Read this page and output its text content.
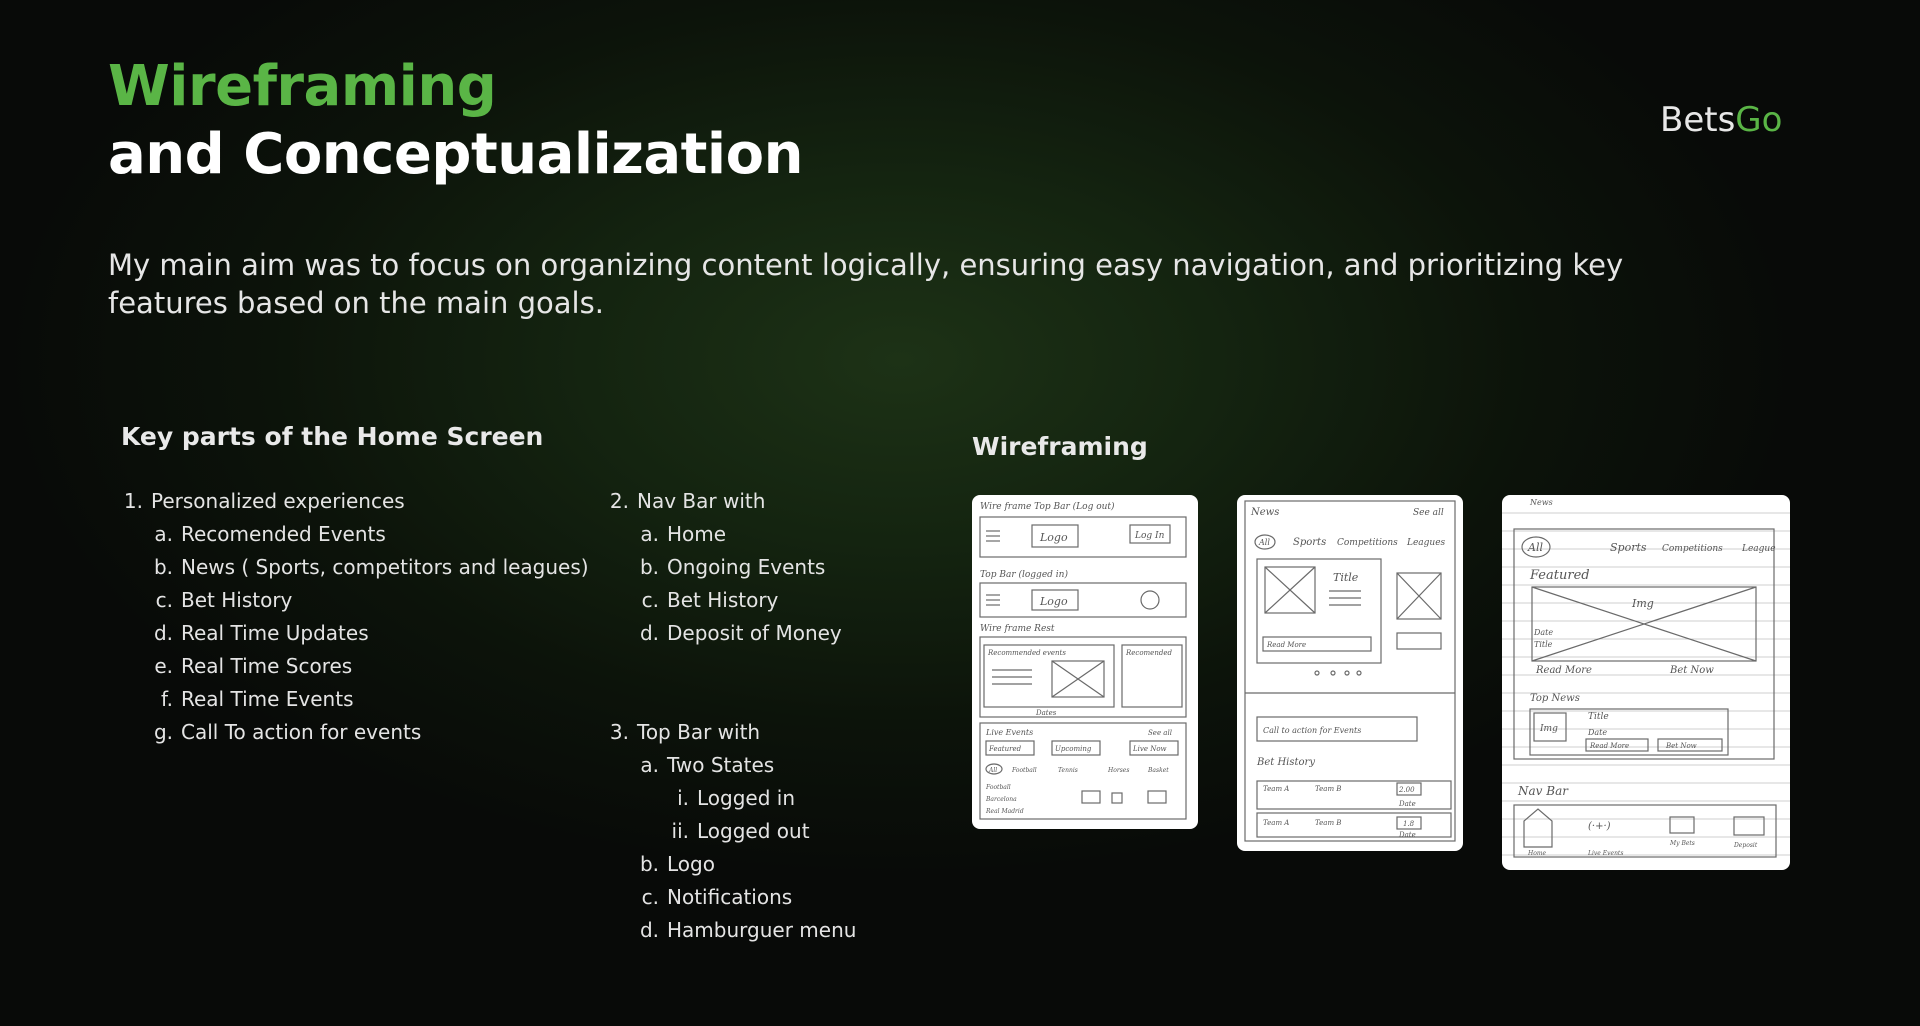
Wireframing
and Conceptualization
BetsGo

My main aim was to focus on organizing content logically, ensuring easy navigation, and prioritizing key features based on the main goals.

Key parts of the Home Screen
1. Personalized experiences
a. Recomended Events
b. News ( Sports, competitors and leagues)
c. Bet History
d. Real Time Updates
e. Real Time Scores
f. Real Time Events
g. Call To action for events
2. Nav Bar with
a. Home
b. Ongoing Events
c. Bet History
d. Deposit of Money
3. Top Bar with
a. Two States
i. Logged in
ii. Logged out
b. Logo
c. Notifications
d. Hamburguer menu
Wireframing
Wire frame Top Bar (Log out)
Logo	Log In
Top Bar (logged in)
Logo
Wire frame Rest
Recommended events	Recomended
Dates
Live Events	See all
Featured	Upcoming	Live Now
All Football	Tennis	Horses	Basket
Football
Barcelona
Real Madrid
News	See all
All Sports Competitions Leagues
Title
Read More
Call to action for Events
Bet History
Team A	Team B	2.00
Date
Team A	Team B	1.8
Date
News
All	Sports Competitions League
Featured
Img
Date
Title
Read More	Bet Now
Top News
Title
Img	Date
Read More	Bet Now
Nav Bar
Home	Live Events
(·+·)
My Bets	Deposit
